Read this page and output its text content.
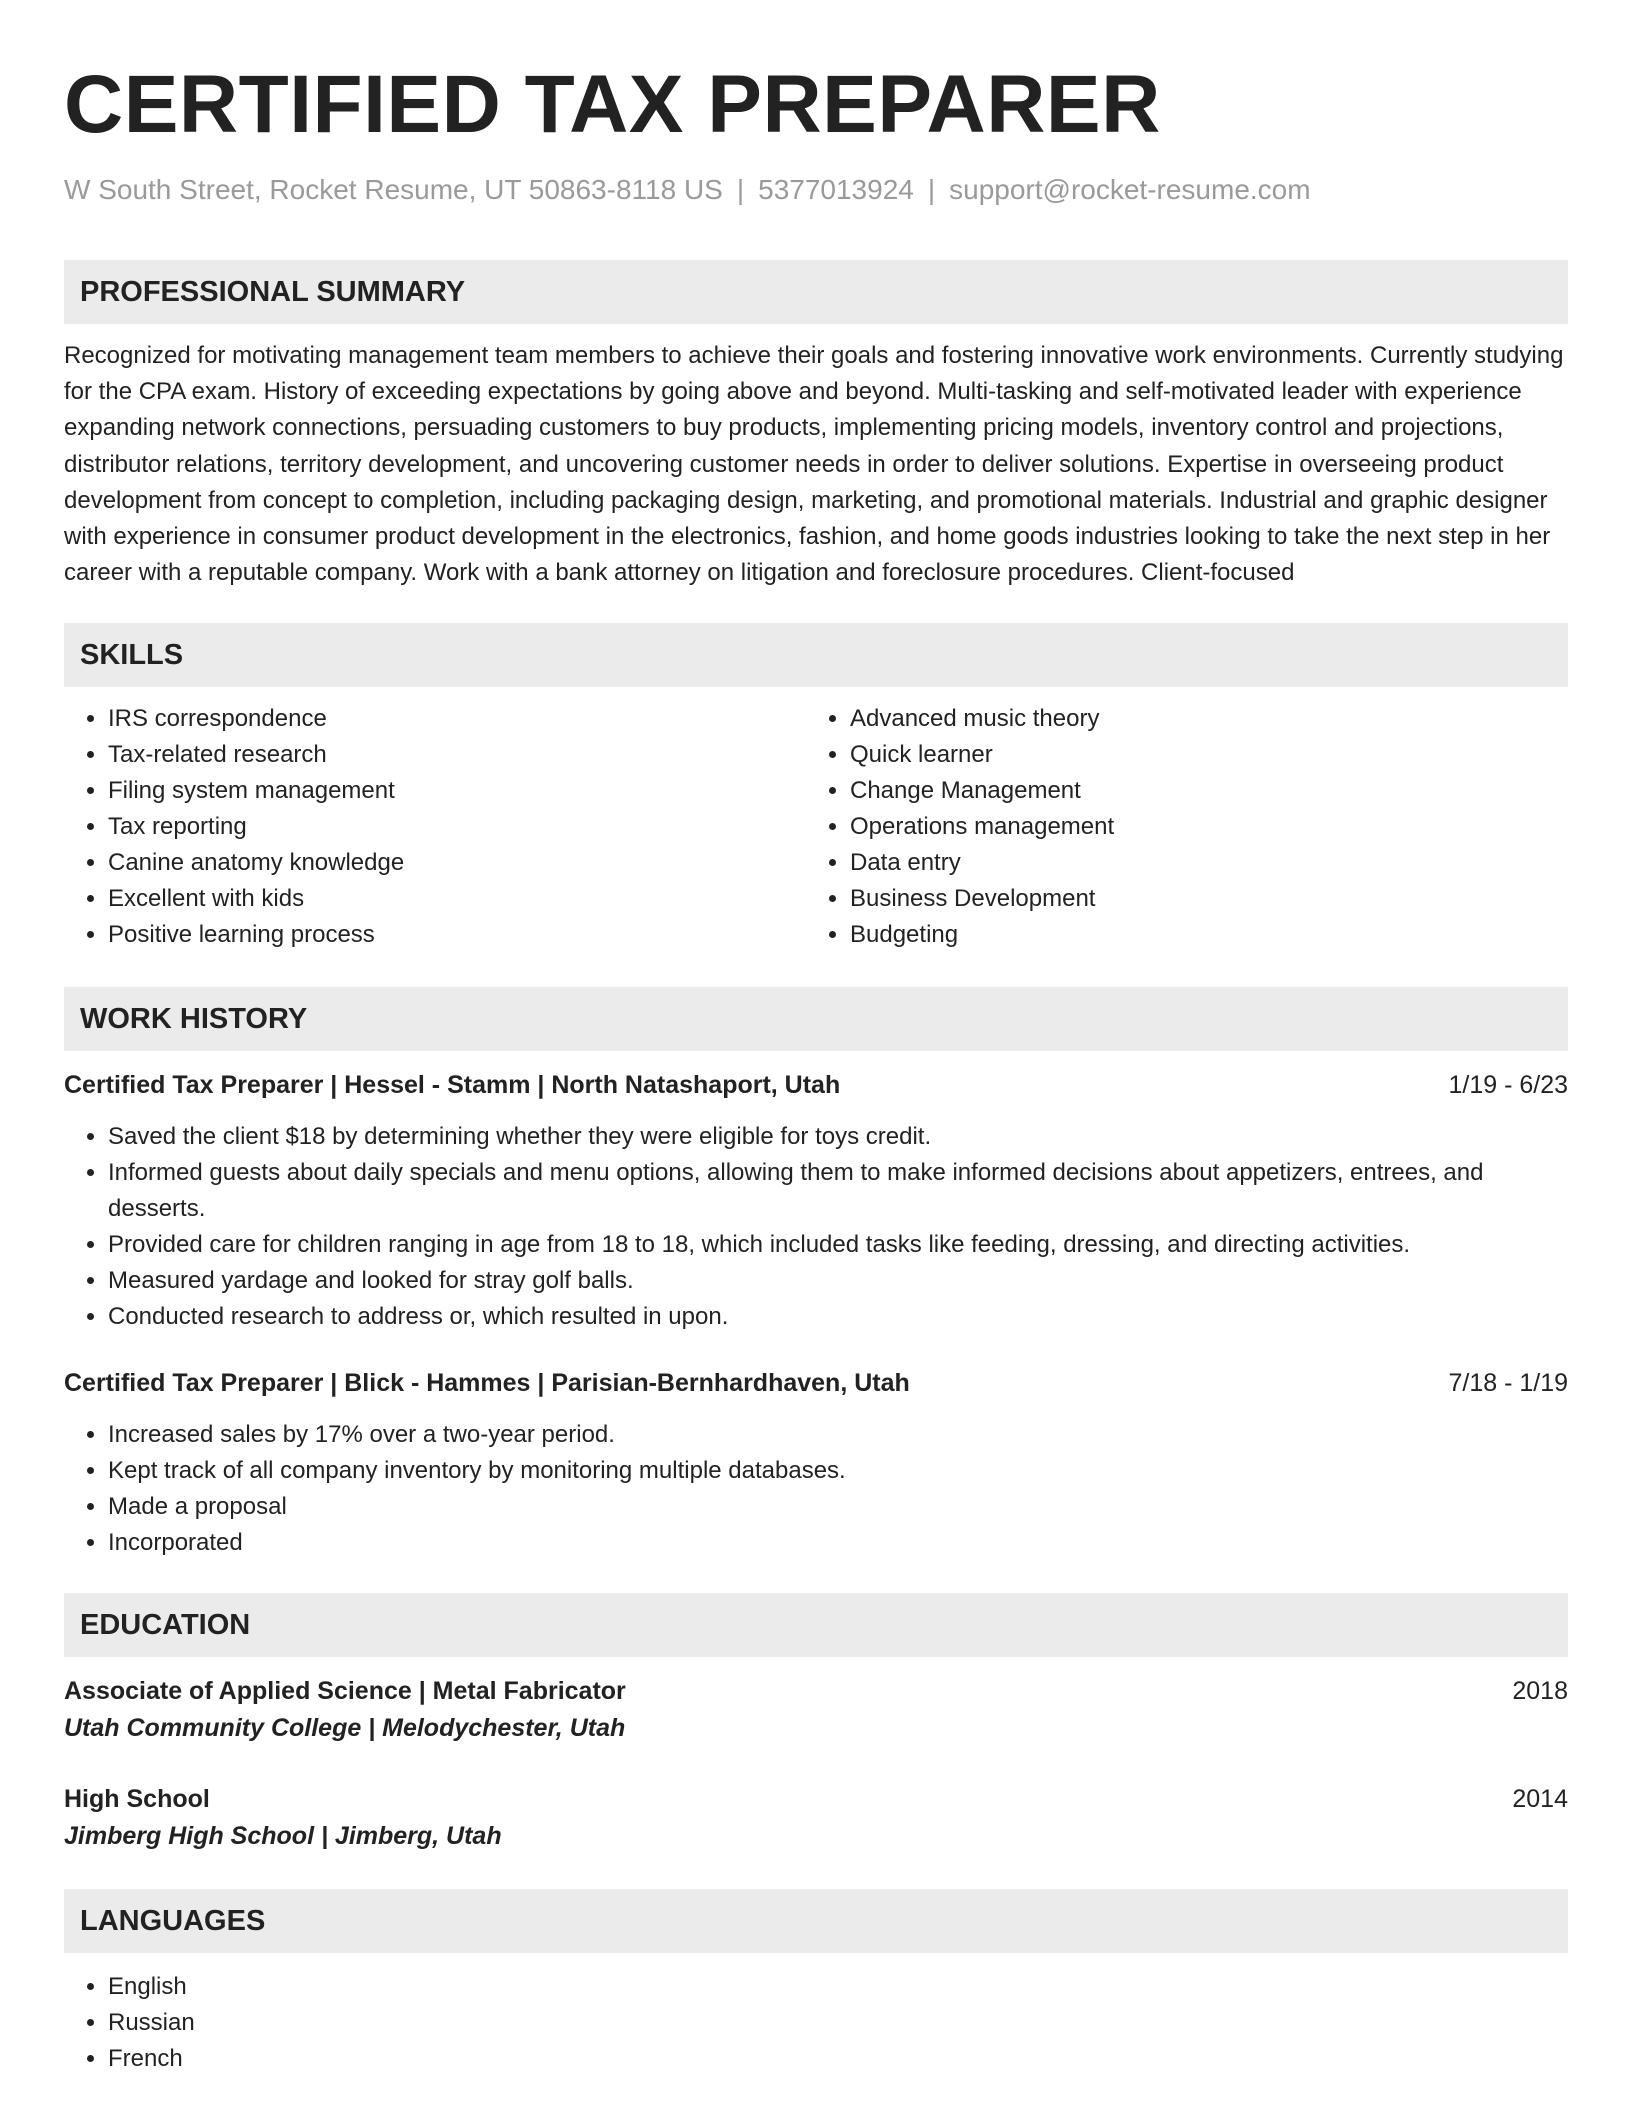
CERTIFIED TAX PREPARER
W South Street, Rocket Resume, UT 50863-8118 US | 5377013924 | support@rocket-resume.com
PROFESSIONAL SUMMARY

Recognized for motivating management team members to achieve their goals and fostering innovative work environments. Currently studying for the CPA exam. History of exceeding expectations by going above and beyond. Multi-tasking and self-motivated leader with experience expanding network connections, persuading customers to buy products, implementing pricing models, inventory control and projections, distributor relations, territory development, and uncovering customer needs in order to deliver solutions. Expertise in overseeing product development from concept to completion, including packaging design, marketing, and promotional materials. Industrial and graphic designer with experience in consumer product development in the electronics, fashion, and home goods industries looking to take the next step in her career with a reputable company. Work with a bank attorney on litigation and foreclosure procedures. Client-focused

SKILLS
• IRS correspondence
• Tax-related research
• Filing system management
• Tax reporting
• Canine anatomy knowledge
• Excellent with kids
• Positive learning process
• Advanced music theory
• Quick learner
• Change Management
• Operations management
• Data entry
• Business Development
• Budgeting
WORK HISTORY
Certified Tax Preparer | Hessel - Stamm | North Natashaport, Utah	1/19 - 6/23
• Saved the client $18 by determining whether they were eligible for toys credit.
• Informed guests about daily specials and menu options, allowing them to make informed decisions about appetizers, entrees, and desserts.
• Provided care for children ranging in age from 18 to 18, which included tasks like feeding, dressing, and directing activities.
• Measured yardage and looked for stray golf balls.
• Conducted research to address or, which resulted in upon.
Certified Tax Preparer | Blick - Hammes | Parisian-Bernhardhaven, Utah	7/18 - 1/19
• Increased sales by 17% over a two-year period.
• Kept track of all company inventory by monitoring multiple databases.
• Made a proposal
• Incorporated
EDUCATION
Associate of Applied Science | Metal Fabricator	2018
Utah Community College | Melodychester, Utah
High School	2014
Jimberg High School | Jimberg, Utah
LANGUAGES
• English
• Russian
• French
